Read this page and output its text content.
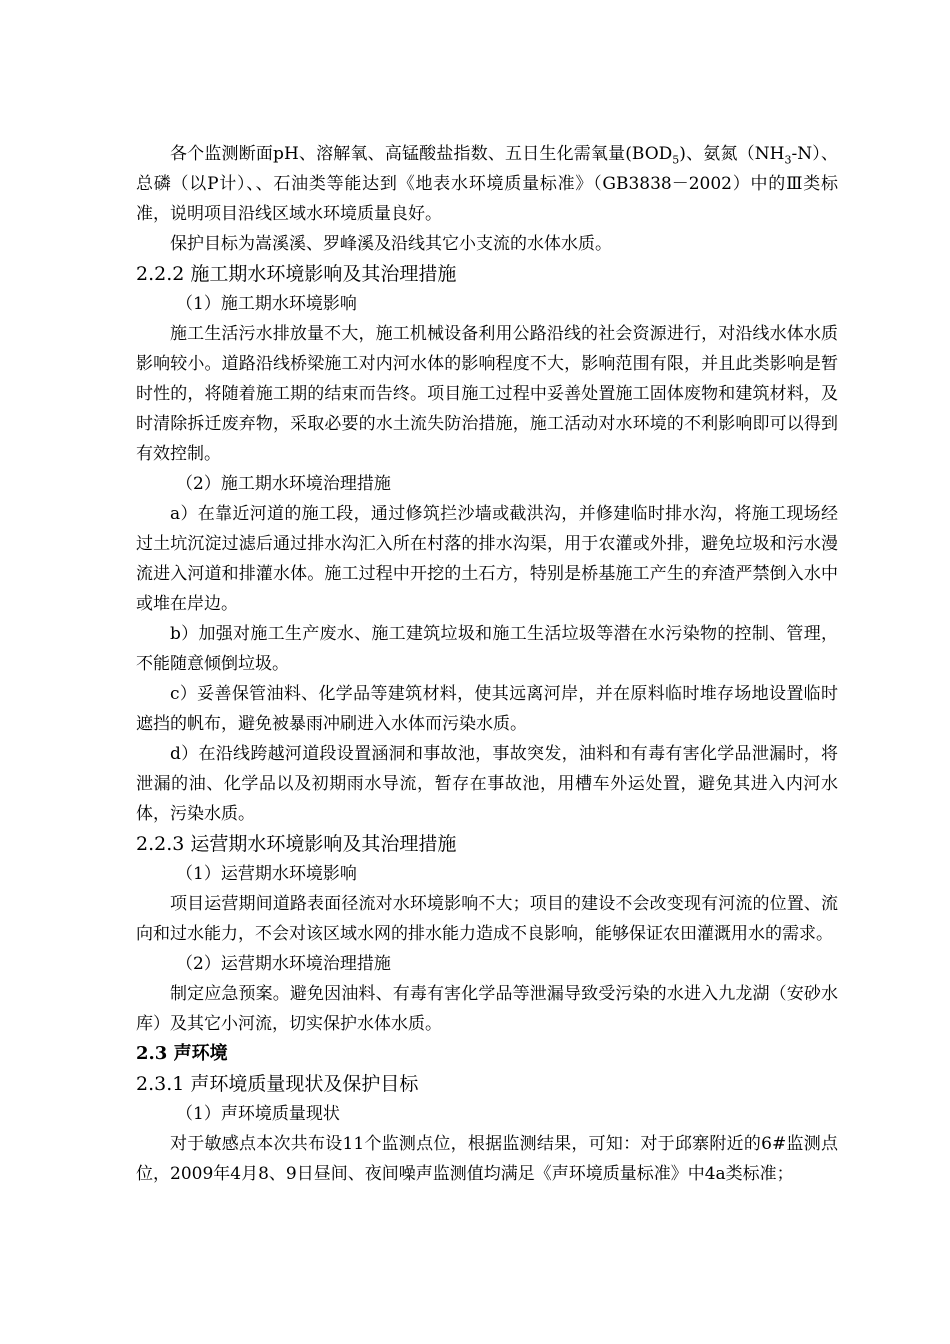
各个监测断面pH、溶解氧、高锰酸盐指数、五日生化需氧量$(BOD_5)$、氨氮$(NH_3-N)$、总磷（以P计）、、石油类等能达到《地表水环境质量标准》（GB3838－2002）中的Ⅲ类标准，说明项目沿线区域水环境质量良好。

保护目标为嵩溪溪、罗峰溪及沿线其它小支流的水体水质。

2.2.2 施工期水环境影响及其治理措施

（1）施工期水环境影响

施工生活污水排放量不大，施工机械设备利用公路沿线的社会资源进行，对沿线水体水质影响较小。道路沿线桥梁施工对内河水体的影响程度不大，影响范围有限，并且此类影响是暂时性的，将随着施工期的结束而告终。项目施工过程中妥善处置施工固体废物和建筑材料，及时清除拆迁废弃物，采取必要的水土流失防治措施，施工活动对水环境的不利影响即可以得到有效控制。

（2）施工期水环境治理措施

a）在靠近河道的施工段，通过修筑拦沙墙或截洪沟，并修建临时排水沟，将施工现场经过土坑沉淀过滤后通过排水沟汇入所在村落的排水沟渠，用于农灌或外排，避免垃圾和污水漫流进入河道和排灌水体。施工过程中开挖的土石方，特别是桥基施工产生的弃渣严禁倒入水中或堆在岸边。

b）加强对施工生产废水、施工建筑垃圾和施工生活垃圾等潜在水污染物的控制、管理，不能随意倾倒垃圾。

c）妥善保管油料、化学品等建筑材料，使其远离河岸，并在原料临时堆存场地设置临时遮挡的帆布，避免被暴雨冲刷进入水体而污染水质。

d）在沿线跨越河道段设置涵洞和事故池，事故突发，油料和有毒有害化学品泄漏时，将泄漏的油、化学品以及初期雨水导流，暂存在事故池，用槽车外运处置，避免其进入内河水体，污染水质。

2.2.3 运营期水环境影响及其治理措施

（1）运营期水环境影响

项目运营期间道路表面径流对水环境影响不大；项目的建设不会改变现有河流的位置、流向和过水能力，不会对该区域水网的排水能力造成不良影响，能够保证农田灌溉用水的需求。

（2）运营期水环境治理措施

制定应急预案。避免因油料、有毒有害化学品等泄漏导致受污染的水进入九龙湖（安砂水库）及其它小河流，切实保护水体水质。

2.3 声环境

2.3.1 声环境质量现状及保护目标

（1）声环境质量现状

对于敏感点本次共布设11个监测点位，根据监测结果，可知：对于邱寨附近的6#监测点位，2009年4月8、9日昼间、夜间噪声监测值均满足《声环境质量标准》中4a类标准；
